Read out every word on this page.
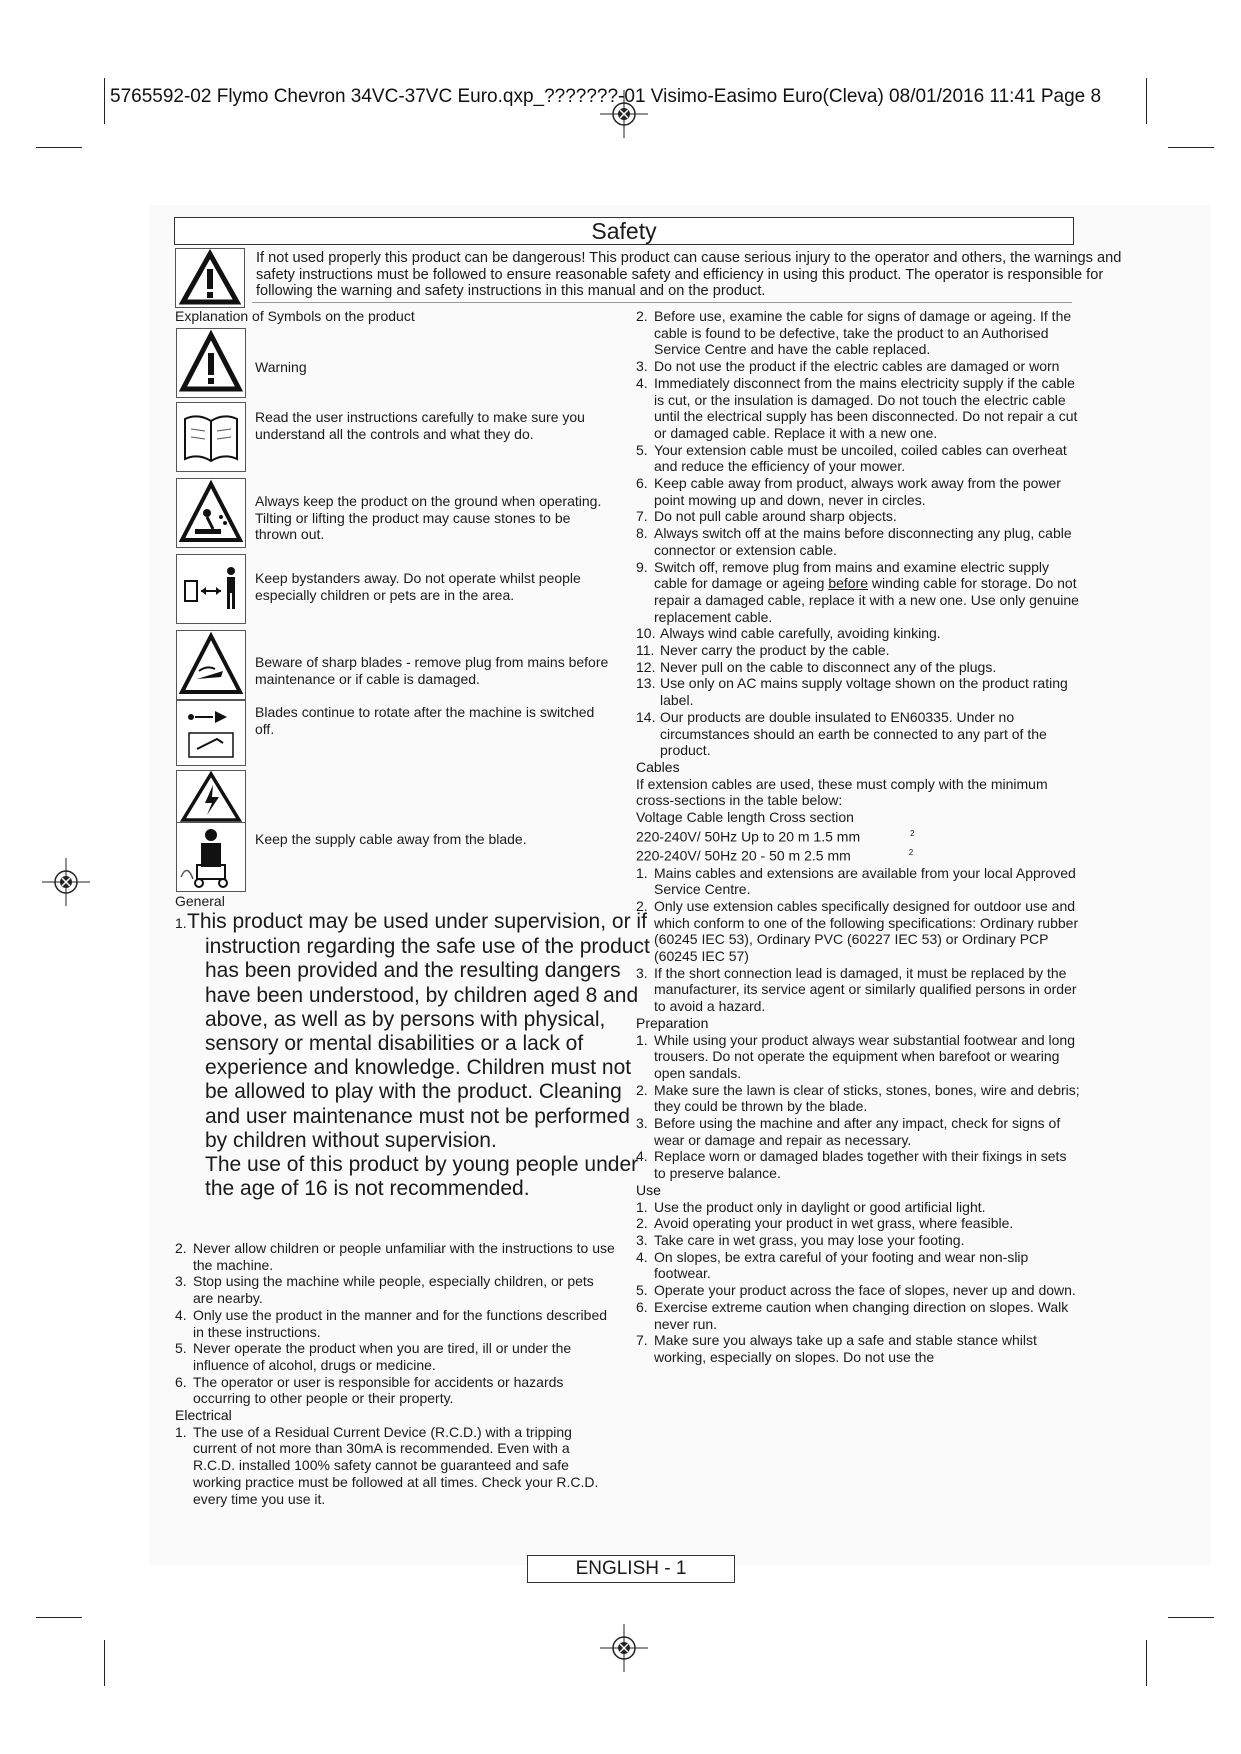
5765592-02 Flymo Chevron 34VC-37VC Euro.qxp_???????-01 Visimo-Easimo Euro(Cleva) 08/01/2016 11:41 Page 8
Safety
If not used properly this product can be dangerous! This product can cause serious injury to the operator and others, the warnings and safety instructions must be followed to ensure reasonable safety and efficiency in using this product. The operator is responsible for following the warning and safety instructions in this manual and on the product.
Explanation of Symbols on the product
Warning
Read the user instructions carefully to make sure you understand all the controls and what they do.
Always keep the product on the ground when operating. Tilting or lifting the product may cause stones to be thrown out.
Keep bystanders away. Do not operate whilst people especially children or pets are in the area.
Beware of sharp blades - remove plug from mains before maintenance or if cable is damaged.
Blades continue to rotate after the machine is switched off.
Keep the supply cable away from the blade.
General
1.This product may be used under supervision, or if instruction regarding the safe use of the product has been provided and the resulting dangers have been understood, by children aged 8 and above, as well as by persons with physical, sensory or mental disabilities or a lack of experience and knowledge. Children must not be allowed to play with the product. Cleaning and user maintenance must not be performed by children without supervision.
The use of this product by young people under the age of 16 is not recommended.

2. Never allow children or people unfamiliar with the instructions to use the machine.

3. Stop using the machine while people, especially children, or pets are nearby.

4. Only use the product in the manner and for the functions described in these instructions.

5. Never operate the product when you are tired, ill or under the influence of alcohol, drugs or medicine.

6. The operator or user is responsible for accidents or hazards occurring to other people or their property.

Electrical

1. The use of a Residual Current Device (R.C.D.) with a tripping current of not more than 30mA is recommended. Even with a R.C.D. installed 100% safety cannot be guaranteed and safe working practice must be followed at all times. Check your R.C.D. every time you use it.

2. Before use, examine the cable for signs of damage or ageing. If the cable is found to be defective, take the product to an Authorised Service Centre and have the cable replaced.

3. Do not use the product if the electric cables are damaged or worn

4. Immediately disconnect from the mains electricity supply if the cable is cut, or the insulation is damaged. Do not touch the electric cable until the electrical supply has been disconnected. Do not repair a cut or damaged cable. Replace it with a new one.

5. Your extension cable must be uncoiled, coiled cables can overheat and reduce the efficiency of your mower.

6. Keep cable away from product, always work away from the power point mowing up and down, never in circles.

7. Do not pull cable around sharp objects.

8. Always switch off at the mains before disconnecting any plug, cable connector or extension cable.

9. Switch off, remove plug from mains and examine electric supply cable for damage or ageing before winding cable for storage. Do not repair a damaged cable, replace it with a new one. Use only genuine replacement cable.

10. Always wind cable carefully, avoiding kinking.

11. Never carry the product by the cable.

12. Never pull on the cable to disconnect any of the plugs.

13. Use only on AC mains supply voltage shown on the product rating label.

14. Our products are double insulated to EN60335. Under no circumstances should an earth be connected to any part of the product.

Cables

If extension cables are used, these must comply with the minimum cross-sections in the table below:

Voltage Cable length Cross section

220-240V/ 50Hz Up to 20 m 1.5 mm	$^2$

220-240V/ 50Hz 20 - 50 m 2.5 mm	$^2$

1. Mains cables and extensions are available from your local Approved Service Centre.

2. Only use extension cables specifically designed for outdoor use and which conform to one of the following specifications: Ordinary rubber (60245 IEC 53), Ordinary PVC (60227 IEC 53) or Ordinary PCP (60245 IEC 57)

3. If the short connection lead is damaged, it must be replaced by the manufacturer, its service agent or similarly qualified persons in order to avoid a hazard.

Preparation

1. While using your product always wear substantial footwear and long trousers. Do not operate the equipment when barefoot or wearing open sandals.

2. Make sure the lawn is clear of sticks, stones, bones, wire and debris; they could be thrown by the blade.

3. Before using the machine and after any impact, check for signs of wear or damage and repair as necessary.

4. Replace worn or damaged blades together with their fixings in sets to preserve balance.

Use

1. Use the product only in daylight or good artificial light.

2. Avoid operating your product in wet grass, where feasible.

3. Take care in wet grass, you may lose your footing.

4. On slopes, be extra careful of your footing and wear non-slip footwear.

5. Operate your product across the face of slopes, never up and down.

6. Exercise extreme caution when changing direction on slopes. Walk never run.

7. Make sure you always take up a safe and stable stance whilst working, especially on slopes. Do not use the

ENGLISH - 1
